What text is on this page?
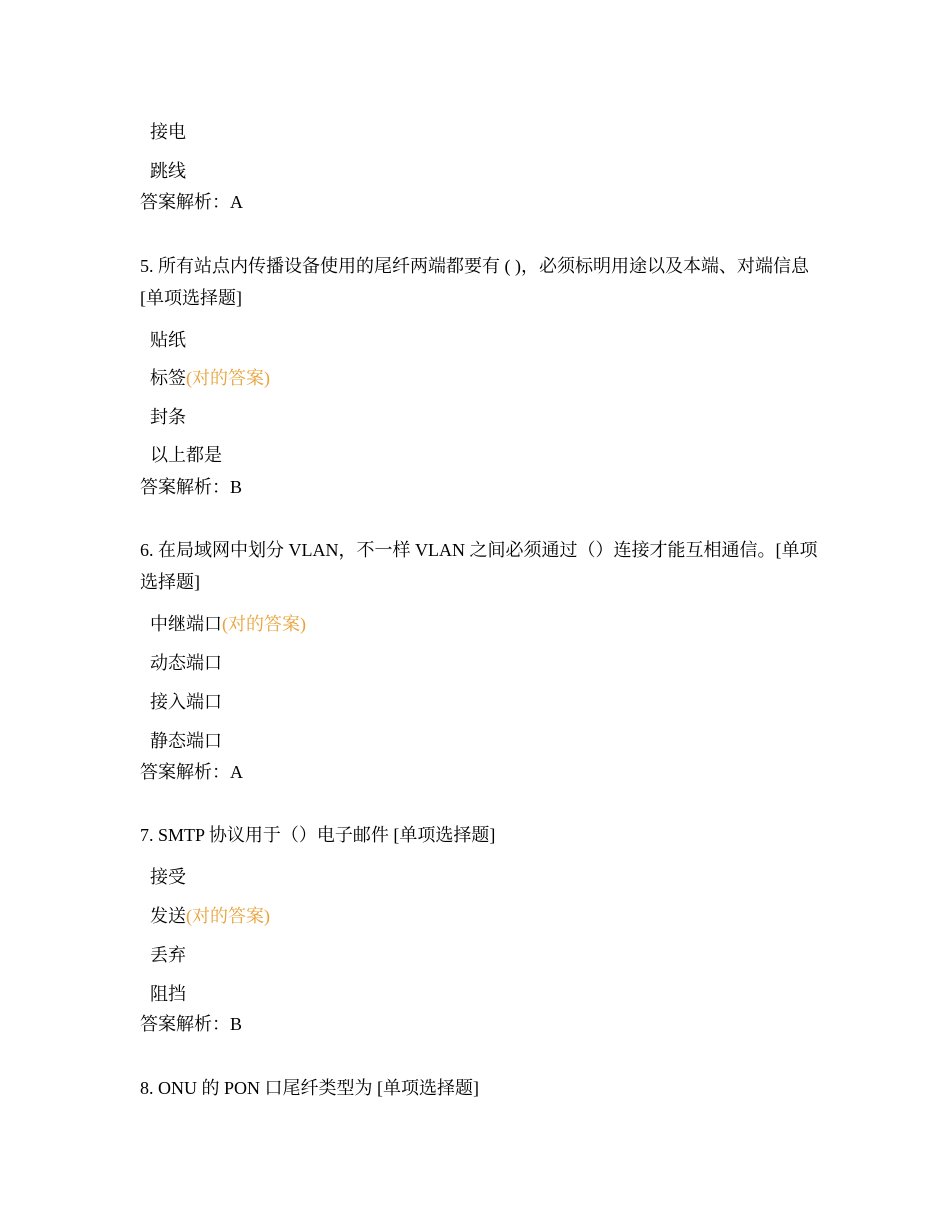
接电
跳线
答案解析：A
5. 所有站点内传播设备使用的尾纤两端都要有 ( )，必须标明用途以及本端、对端信息 [单项选择题]
贴纸
标签(对的答案)
封条
以上都是
答案解析：B
6. 在局域网中划分 VLAN，不一样 VLAN 之间必须通过（）连接才能互相通信。[单项选择题]
中继端口(对的答案)
动态端口
接入端口
静态端口
答案解析：A
7. SMTP 协议用于（）电子邮件 [单项选择题]
接受
发送(对的答案)
丢弃
阻挡
答案解析：B
8. ONU 的 PON 口尾纤类型为 [单项选择题]
